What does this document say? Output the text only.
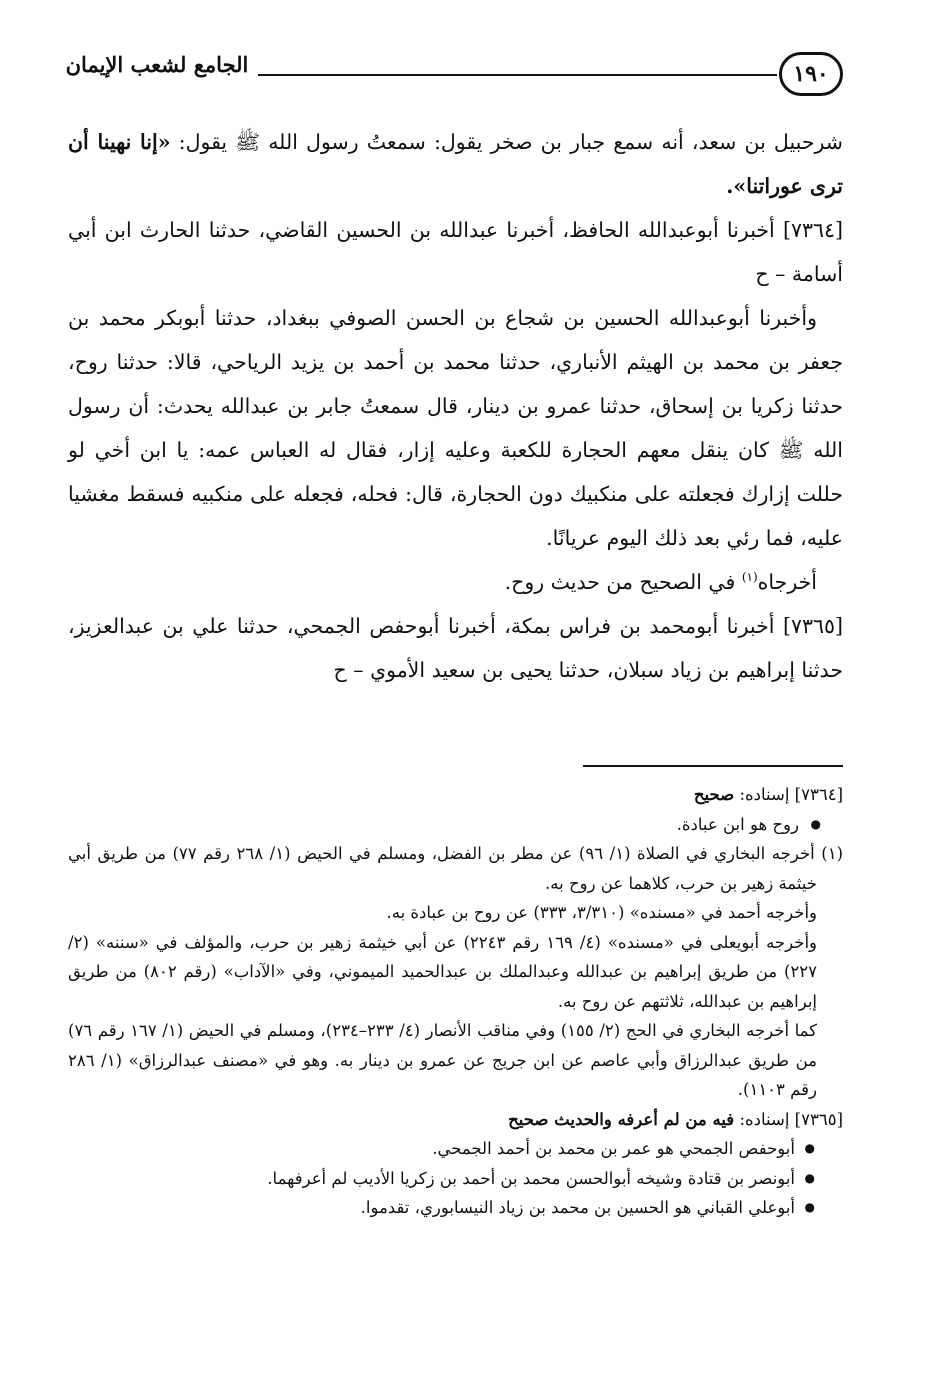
١٩٠
الجامع لشعب الإيمان

شرحبيل بن سعد، أنه سمع جبار بن صخر يقول: سمعتُ رسول الله ﷺ يقول: «إنا نهينا أن ترى عوراتنا».

[٧٣٦٤] أخبرنا أبوعبدالله الحافظ، أخبرنا عبدالله بن الحسين القاضي، حدثنا الحارث ابن أبي أسامة – ح

وأخبرنا أبوعبدالله الحسين بن شجاع بن الحسن الصوفي ببغداد، حدثنا أبوبكر محمد بن جعفر بن محمد بن الهيثم الأنباري، حدثنا محمد بن أحمد بن يزيد الرياحي، قالا: حدثنا روح، حدثنا زكريا بن إسحاق، حدثنا عمرو بن دينار، قال سمعتُ جابر بن عبدالله يحدث: أن رسول الله ﷺ كان ينقل معهم الحجارة للكعبة وعليه إزار، فقال له العباس عمه: يا ابن أخي لو حللت إزارك فجعلته على منكبيك دون الحجارة، قال: فحله، فجعله على منكبيه فسقط مغشيا عليه، فما رئي بعد ذلك اليوم عريانًا.

أخرجاه$^{(١)}$ في الصحيح من حديث روح.

[٧٣٦٥] أخبرنا أبومحمد بن فراس بمكة، أخبرنا أبوحفص الجمحي، حدثنا علي بن عبدالعزيز، حدثنا إبراهيم بن زياد سبلان، حدثنا يحيى بن سعيد الأموي – ح

[٧٣٦٤] إسناده: صحيح

● روح هو ابن عبادة.

(١) أخرجه البخاري في الصلاة (١/ ٩٦) عن مطر بن الفضل، ومسلم في الحيض (١/ ٢٦٨ رقم ٧٧) من طريق أبي خيثمة زهير بن حرب، كلاهما عن روح به.

وأخرجه أحمد في «مسنده» (٣/٣١٠، ٣٣٣) عن روح بن عبادة به.

وأخرجه أبويعلى في «مسنده» (٤/ ١٦٩ رقم ٢٢٤٣) عن أبي خيثمة زهير بن حرب، والمؤلف في «سننه» (٢/ ٢٢٧) من طريق إبراهيم بن عبدالله وعبدالملك بن عبدالحميد الميموني، وفي «الآداب» (رقم ٨٠٢) من طريق إبراهيم بن عبدالله، ثلاثتهم عن روح به.

كما أخرجه البخاري في الحج (٢/ ١٥٥) وفي مناقب الأنصار (٤/ ٢٣٣–٢٣٤)، ومسلم في الحيض (١/ ١٦٧ رقم ٧٦) من طريق عبدالرزاق وأبي عاصم عن ابن جريج عن عمرو بن دينار به. وهو في «مصنف عبدالرزاق» (١/ ٢٨٦ رقم ١١٠٣).

[٧٣٦٥] إسناده: فيه من لم أعرفه والحديث صحيح

● أبوحفص الجمحي هو عمر بن محمد بن أحمد الجمحي.

● أبونصر بن قتادة وشيخه أبوالحسن محمد بن أحمد بن زكريا الأديب لم أعرفهما.

● أبوعلي القباني هو الحسين بن محمد بن زياد النيسابوري، تقدموا.
